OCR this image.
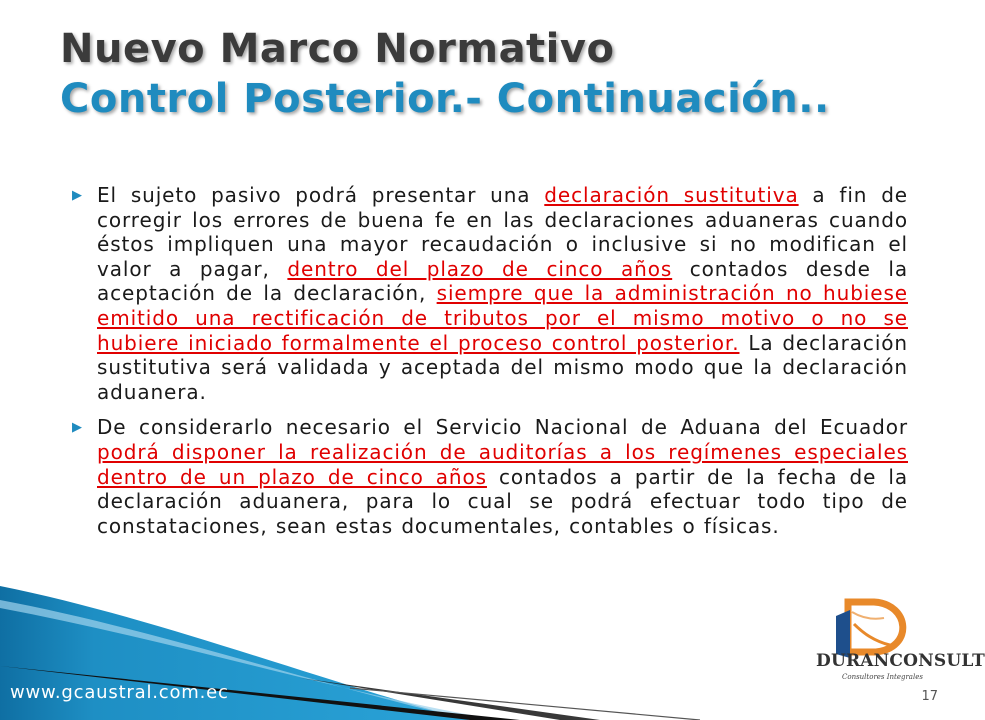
Nuevo Marco Normativo
Control Posterior.- Continuación..
▶ El sujeto pasivo podrá presentar una declaración sustitutiva a fin de corregir los errores de buena fe en las declaraciones aduaneras cuando éstos impliquen una mayor recaudación o inclusive si no modifican el valor a pagar, dentro del plazo de cinco años contados desde la aceptación de la declaración, siempre que la administración no hubiese emitido una rectificación de tributos por el mismo motivo o no se hubiere iniciado formalmente el proceso control posterior. La declaración sustitutiva será validada y aceptada del mismo modo que la declaración aduanera.
▶ De considerarlo necesario el Servicio Nacional de Aduana del Ecuador podrá disponer la realización de auditorías a los regímenes especiales dentro de un plazo de cinco años contados a partir de la fecha de la declaración aduanera, para lo cual se podrá efectuar todo tipo de constataciones, sean estas documentales, contables o físicas.
www.gcaustral.com.ec
DURANCONSULT
Consultores Integrales
17
